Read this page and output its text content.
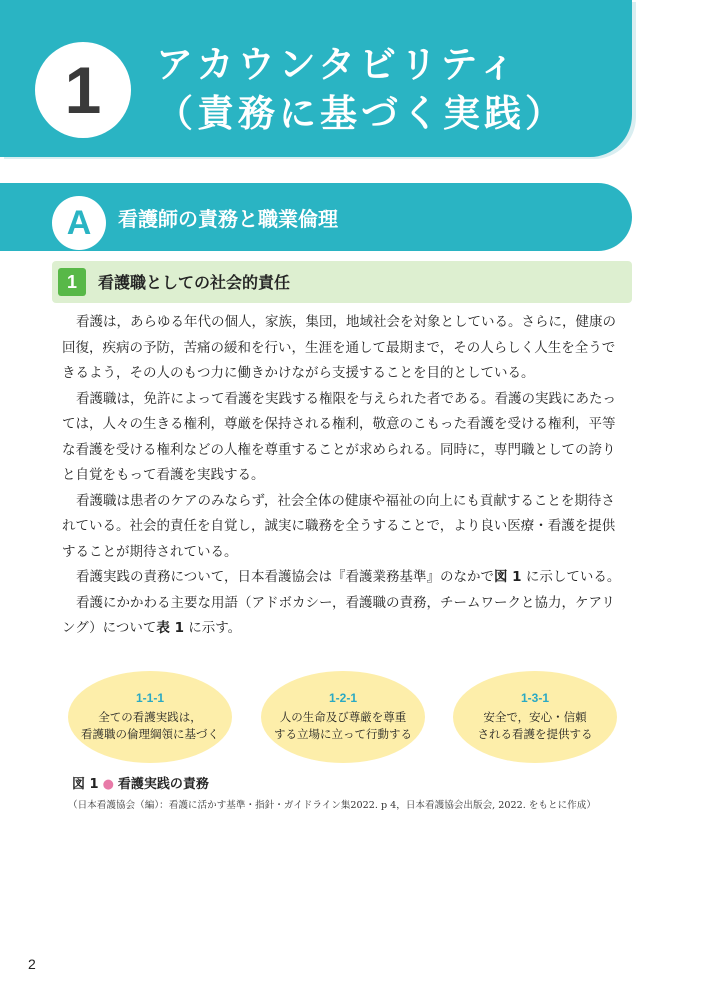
1	アカウンタビリティ
（責務に基づく実践）
A	看護師の責務と職業倫理
1	看護職としての社会的責任

看護は，あらゆる年代の個人，家族，集団，地域社会を対象としている。さらに，健康の
回復，疾病の予防，苦痛の緩和を行い，生涯を通して最期まで，その人らしく人生を全うで
きるよう，その人のもつ力に働きかけながら支援することを目的としている。

看護職は，免許によって看護を実践する権限を与えられた者である。看護の実践にあたっ
ては，人々の生きる権利，尊厳を保持される権利，敬意のこもった看護を受ける権利，平等
な看護を受ける権利などの人権を尊重することが求められる。同時に，専門職としての誇り
と自覚をもって看護を実践する。

看護職は患者のケアのみならず，社会全体の健康や福祉の向上にも貢献することを期待さ
れている。社会的責任を自覚し，誠実に職務を全うすることで，より良い医療・看護を提供
することが期待されている。

看護実践の責務について，日本看護協会は『看護業務基準』のなかで図 1 に示している。

看護にかかわる主要な用語（アドボカシー，看護職の責務，チームワークと協力，ケアリ
ング）について表 1 に示す。

1-1-1
全ての看護実践は，
看護職の倫理綱領に基づく
1-2-1
人の生命及び尊厳を尊重
する立場に立って行動する
1-3-1
安全で，安心・信頼
される看護を提供する
図 1 ● 看護実践の責務
（日本看護協会（編）：看護に活かす基準・指針・ガイドライン集2022. p 4，日本看護協会出版会, 2022. をもとに作成）
2
